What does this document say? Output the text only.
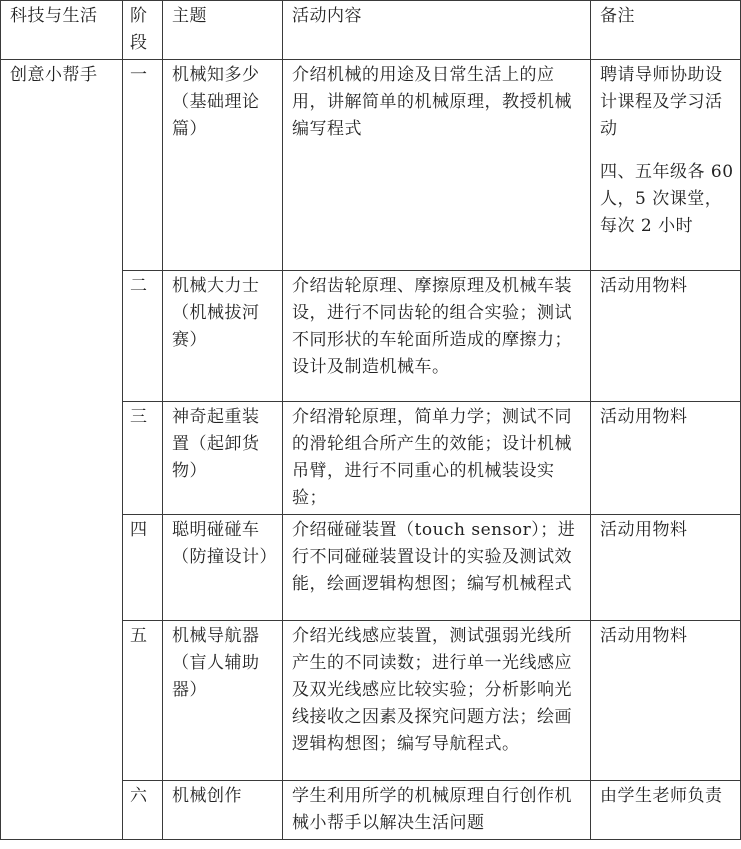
科技与生活	阶段	主题	活动内容	备注
创意小帮手	一	机械知多少（基础理论篇）	介绍机械的用途及日常生活上的应用，讲解简单的机械原理，教授机械编写程式	聘请导师协助设计课程及学习活动
四、五年级各 60 人，5 次课堂，每次 2 小时

	二	机械大力士（机械拔河赛）	介绍齿轮原理、摩擦原理及机械车装设，进行不同齿轮的组合实验；测试不同形状的车轮面所造成的摩擦力；设计及制造机械车。	活动用物料
	三	神奇起重装置（起卸货物）	介绍滑轮原理，简单力学；测试不同的滑轮组合所产生的效能；设计机械吊臂，进行不同重心的机械装设实验；	活动用物料
	四	聪明碰碰车（防撞设计）	介绍碰碰装置（touch sensor）；进行不同碰碰装置设计的实验及测试效能，绘画逻辑构想图；编写机械程式	活动用物料
	五	机械导航器（盲人辅助器）	介绍光线感应装置，测试强弱光线所产生的不同读数；进行单一光线感应及双光线感应比较实验；分析影响光线接收之因素及探究问题方法；绘画逻辑构想图；编写导航程式。	活动用物料
	六	机械创作	学生利用所学的机械原理自行创作机械小帮手以解决生活问题	由学生老师负责
